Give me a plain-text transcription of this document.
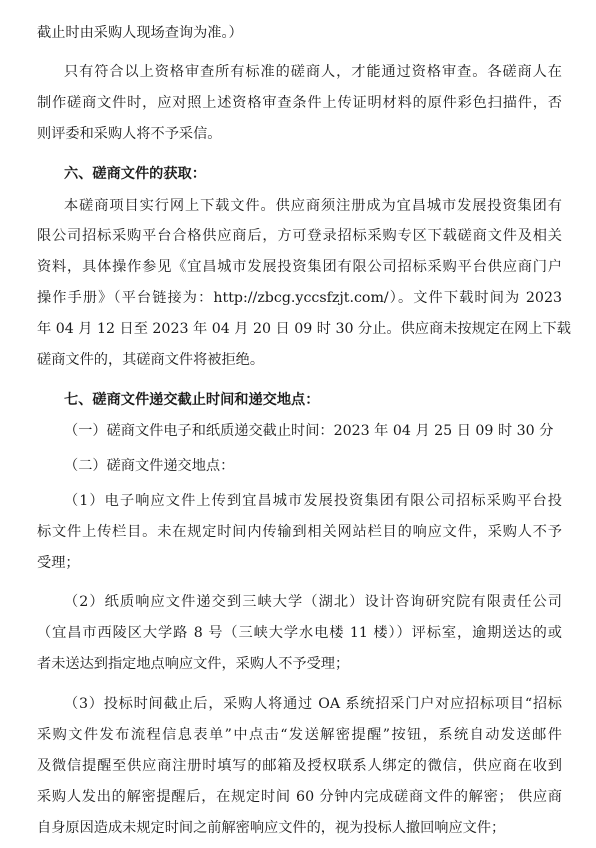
截止时由采购人现场查询为准。）
只有符合以上资格审查所有标准的磋商人，才能通过资格审查。各磋商人在
制作磋商文件时，应对照上述资格审查条件上传证明材料的原件彩色扫描件，否
则评委和采购人将不予采信。
六、磋商文件的获取：
本磋商项目实行网上下载文件。供应商须注册成为宜昌城市发展投资集团有
限公司招标采购平台合格供应商后，方可登录招标采购专区下载磋商文件及相关
资料，具体操作参见《宜昌城市发展投资集团有限公司招标采购平台供应商门户
操作手册》（平台链接为：http://zbcg.yccsfzjt.com/）。文件下载时间为 2023
年 04 月 12 日至 2023 年 04 月 20 日 09 时 30 分止。供应商未按规定在网上下载
磋商文件的，其磋商文件将被拒绝。
七、磋商文件递交截止时间和递交地点：
（一）磋商文件电子和纸质递交截止时间：2023 年 04 月 25 日 09 时 30 分
（二）磋商文件递交地点：
（1）电子响应文件上传到宜昌城市发展投资集团有限公司招标采购平台投
标文件上传栏目。未在规定时间内传输到相关网站栏目的响应文件，采购人不予
受理；
（2）纸质响应文件递交到三峡大学（湖北）设计咨询研究院有限责任公司
（宜昌市西陵区大学路 8 号（三峡大学水电楼 11 楼））评标室，逾期送达的或
者未送达到指定地点响应文件，采购人不予受理；
（3）投标时间截止后，采购人将通过 OA 系统招采门户对应招标项目“招标
采购文件发布流程信息表单”中点击“发送解密提醒”按钮，系统自动发送邮件
及微信提醒至供应商注册时填写的邮箱及授权联系人绑定的微信，供应商在收到
采购人发出的解密提醒后，在规定时间 60 分钟内完成磋商文件的解密； 供应商
自身原因造成未规定时间之前解密响应文件的，视为投标人撤回响应文件；
